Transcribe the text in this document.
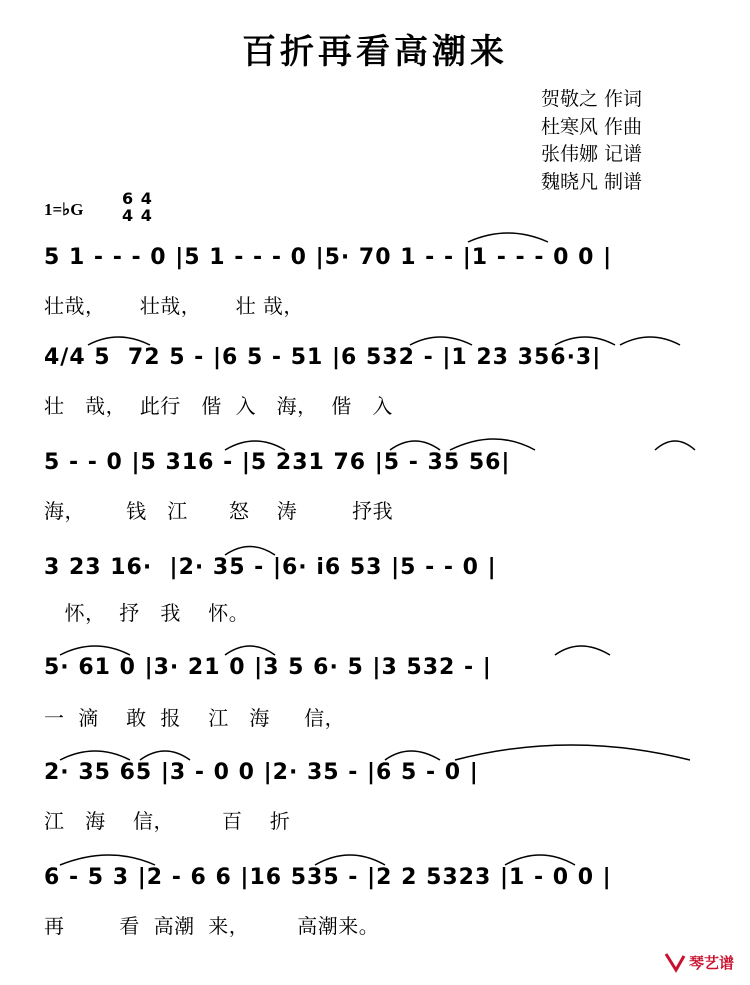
百折再看高潮来
贺敬之 作词
杜寒风 作曲
张伟娜 记谱
魏晓凡 制谱
1=♭G
6
4

4
4
5 1 - - - 0 |5 1 - - - 0 |5· 70 1 - - |1 - - - 0 0 |
壮哉，     壮哉，     壮 哉，
4/4 5  72 5 - |6 5 - 51 |6 532 - |1 23 356·3|
壮   哉，  此行   偕  入   海，  偕   入
5 - - 0 |5 316 - |5 231 76 |5 - 35 56|
海，      钱   江      怒    涛        抒我
3 23 16·  |2· 35 - |6· i6 53 |5 - - 0 |
怀，  抒   我    怀。
5· 61 0 |3· 21 0 |3 5 6· 5 |3 532 - |
一  滴    敢  报    江   海     信，
2· 35 65 |3 - 0 0 |2· 35 - |6 5 - 0 |
江   海    信，       百    折
6 - 5 3 |2 - 6 6 |16 535 - |2 2 5323 |1 - 0 0 |
再        看  高潮  来，       高潮来。
琴艺谱
